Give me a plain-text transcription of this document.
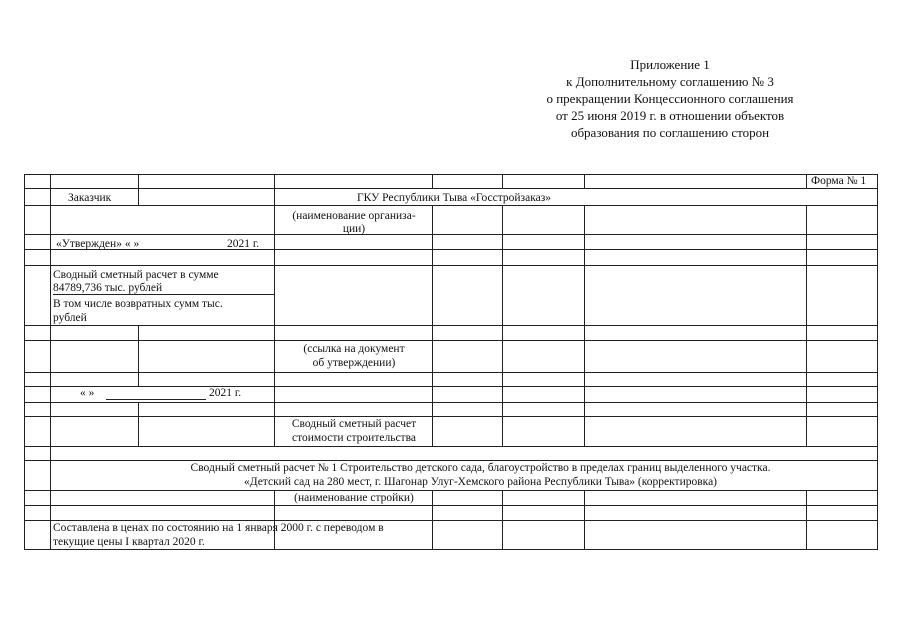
Приложение 1
к Дополнительному соглашению № 3
о прекращении Концессионного соглашения
от 25 июня 2019 г. в отношении объектов
образования по соглашению сторон
Форма № 1
Заказчик	ГКУ Республики Тыва «Госстройзаказ»
(наименование организа-
ции)
«Утвержден» « »	2021 г.
Сводный сметный расчет в сумме
84789,736 тыс. рублей
В том числе возвратных сумм тыс.
рублей
(ссылка на документ
об утверждении)
« »	2021 г.
Сводный сметный расчет
стоимости строительства
Сводный сметный расчет № 1 Строительство детского сада, благоустройство в пределах границ выделенного участка.
«Детский сад на 280 мест, г. Шагонар Улуг-Хемского района Республики Тыва» (корректировка)
(наименование стройки)
Составлена в ценах по состоянию на 1 января 2000 г. с переводом в
текущие цены I квартал 2020 г.
